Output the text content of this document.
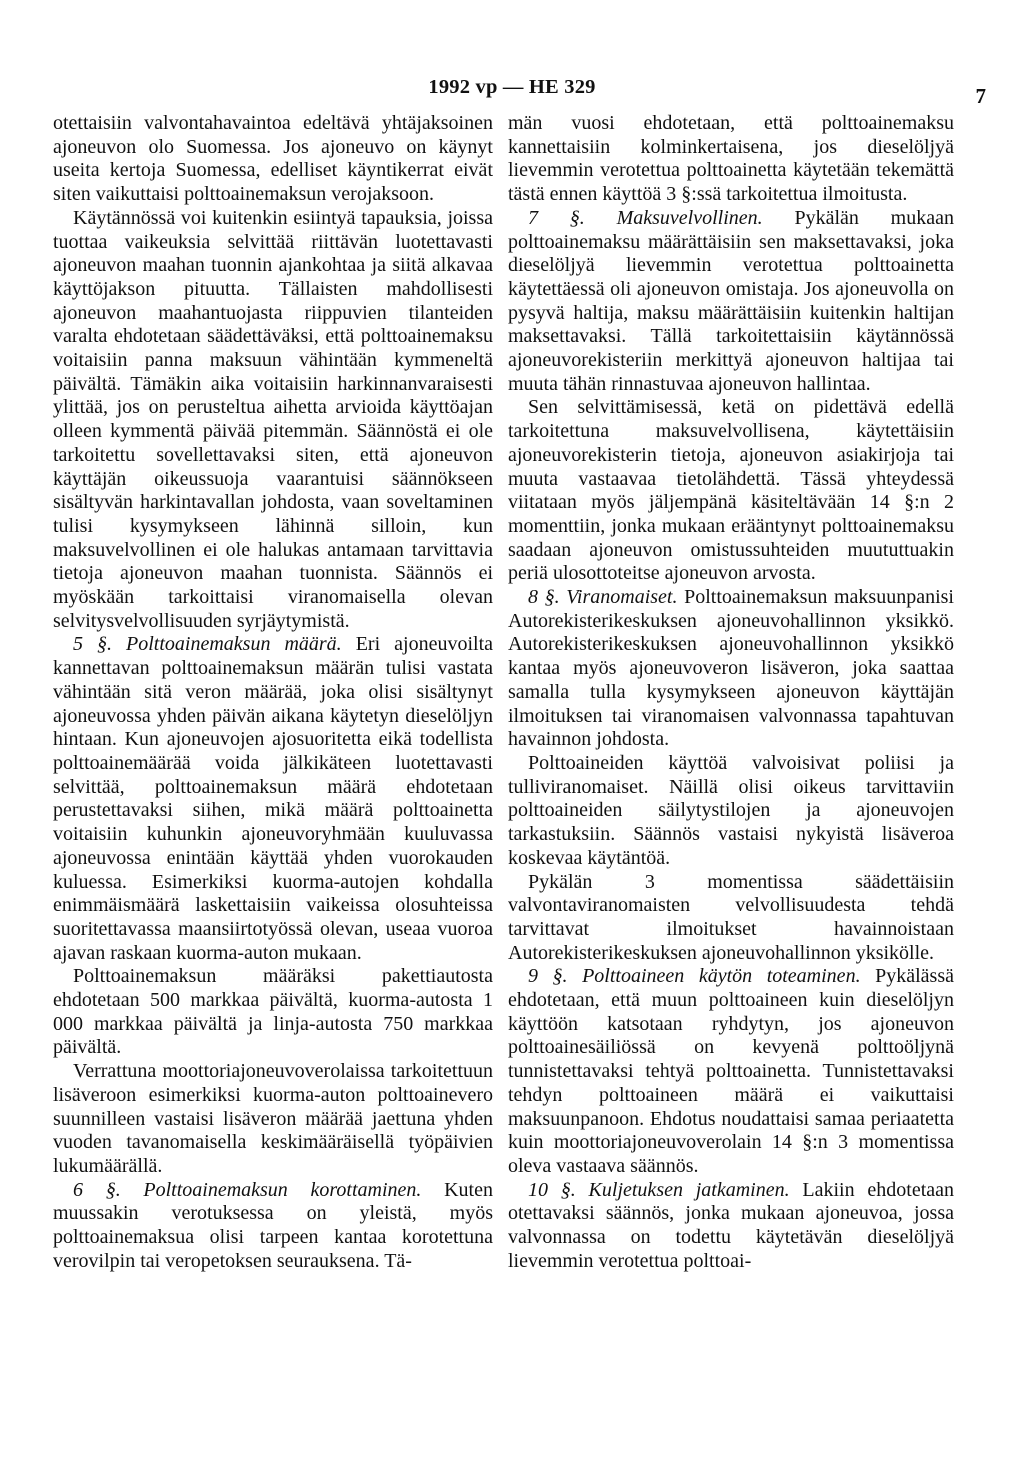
1992 vp — HE 329	7

otettaisiin valvontahavaintoa edeltävä yhtäjaksoinen ajoneuvon olo Suomessa. Jos ajoneuvo on käynyt useita kertoja Suomessa, edelliset käyntikerrat eivät siten vaikuttaisi polttoainemaksun verojaksoon.

Käytännössä voi kuitenkin esiintyä tapauksia, joissa tuottaa vaikeuksia selvittää riittävän luotettavasti ajoneuvon maahan tuonnin ajankohtaa ja siitä alkavaa käyttöjakson pituutta. Tällaisten mahdollisesti ajoneuvon maahantuojasta riippuvien tilanteiden varalta ehdotetaan säädettäväksi, että polttoainemaksu voitaisiin panna maksuun vähintään kymmeneltä päivältä. Tämäkin aika voitaisiin harkinnanvaraisesti ylittää, jos on perusteltua aihetta arvioida käyttöajan olleen kymmentä päivää pitemmän. Säännöstä ei ole tarkoitettu sovellettavaksi siten, että ajoneuvon käyttäjän oikeussuoja vaarantuisi säännökseen sisältyvän harkintavallan johdosta, vaan soveltaminen tulisi kysymykseen lähinnä silloin, kun maksuvelvollinen ei ole halukas antamaan tarvittavia tietoja ajoneuvon maahan tuonnista. Säännös ei myöskään tarkoittaisi viranomaisella olevan selvitysvelvollisuuden syrjäytymistä.

5 §. Polttoainemaksun määrä. Eri ajoneuvoilta kannettavan polttoainemaksun määrän tulisi vastata vähintään sitä veron määrää, joka olisi sisältynyt ajoneuvossa yhden päivän aikana käytetyn dieselöljyn hintaan. Kun ajoneuvojen ajosuoritetta eikä todellista polttoainemäärää voida jälkikäteen luotettavasti selvittää, polttoainemaksun määrä ehdotetaan perustettavaksi siihen, mikä määrä polttoainetta voitaisiin kuhunkin ajoneuvoryhmään kuuluvassa ajoneuvossa enintään käyttää yhden vuorokauden kuluessa. Esimerkiksi kuorma-autojen kohdalla enimmäismäärä laskettaisiin vaikeissa olosuhteissa suoritettavassa maansiirtotyössä olevan, useaa vuoroa ajavan raskaan kuorma-auton mukaan.

Polttoainemaksun määräksi pakettiautosta ehdotetaan 500 markkaa päivältä, kuorma-autosta 1 000 markkaa päivältä ja linja-autosta 750 markkaa päivältä.

Verrattuna moottoriajoneuvoverolaissa tarkoitettuun lisäveroon esimerkiksi kuorma-auton polttoainevero suunnilleen vastaisi lisäveron määrää jaettuna yhden vuoden tavanomaisella keskimääräisellä työpäivien lukumäärällä.

6 §. Polttoainemaksun korottaminen. Kuten muussakin verotuksessa on yleistä, myös polttoainemaksua olisi tarpeen kantaa korotettuna verovilpin tai veropetoksen seurauksena. Tä-

män vuosi ehdotetaan, että polttoainemaksu kannettaisiin kolminkertaisena, jos dieselöljyä lievemmin verotettua polttoainetta käytetään tekemättä tästä ennen käyttöä 3 §:ssä tarkoitettua ilmoitusta.

7 §. Maksuvelvollinen. Pykälän mukaan polttoainemaksu määrättäisiin sen maksettavaksi, joka dieselöljyä lievemmin verotettua polttoainetta käytettäessä oli ajoneuvon omistaja. Jos ajoneuvolla on pysyvä haltija, maksu määrättäisiin kuitenkin haltijan maksettavaksi. Tällä tarkoitettaisiin käytännössä ajoneuvorekisteriin merkittyä ajoneuvon haltijaa tai muuta tähän rinnastuvaa ajoneuvon hallintaa.

Sen selvittämisessä, ketä on pidettävä edellä tarkoitettuna maksuvelvollisena, käytettäisiin ajoneuvorekisterin tietoja, ajoneuvon asiakirjoja tai muuta vastaavaa tietolähdettä. Tässä yhteydessä viitataan myös jäljempänä käsiteltävään 14 §:n 2 momenttiin, jonka mukaan erääntynyt polttoainemaksu saadaan ajoneuvon omistussuhteiden muututtuakin periä ulosottoteitse ajoneuvon arvosta.

8 §. Viranomaiset. Polttoainemaksun maksuunpanisi Autorekisterikeskuksen ajoneuvohallinnon yksikkö. Autorekisterikeskuksen ajoneuvohallinnon yksikkö kantaa myös ajoneuvoveron lisäveron, joka saattaa samalla tulla kysymykseen ajoneuvon käyttäjän ilmoituksen tai viranomaisen valvonnassa tapahtuvan havainnon johdosta.

Polttoaineiden käyttöä valvoisivat poliisi ja tulliviranomaiset. Näillä olisi oikeus tarvittaviin polttoaineiden säilytystilojen ja ajoneuvojen tarkastuksiin. Säännös vastaisi nykyistä lisäveroa koskevaa käytäntöä.

Pykälän 3 momentissa säädettäisiin valvontaviranomaisten velvollisuudesta tehdä tarvittavat ilmoitukset havainnoistaan Autorekisterikeskuksen ajoneuvohallinnon yksikölle.

9 §. Polttoaineen käytön toteaminen. Pykälässä ehdotetaan, että muun polttoaineen kuin dieselöljyn käyttöön katsotaan ryhdytyn, jos ajoneuvon polttoainesäiliössä on kevyenä polttoöljynä tunnistettavaksi tehtyä polttoainetta. Tunnistettavaksi tehdyn polttoaineen määrä ei vaikuttaisi maksuunpanoon. Ehdotus noudattaisi samaa periaatetta kuin moottoriajoneuvoverolain 14 §:n 3 momentissa oleva vastaava säännös.

10 §. Kuljetuksen jatkaminen. Lakiin ehdotetaan otettavaksi säännös, jonka mukaan ajoneuvoa, jossa valvonnassa on todettu käytetävän dieselöljyä lievemmin verotettua polttoai-
